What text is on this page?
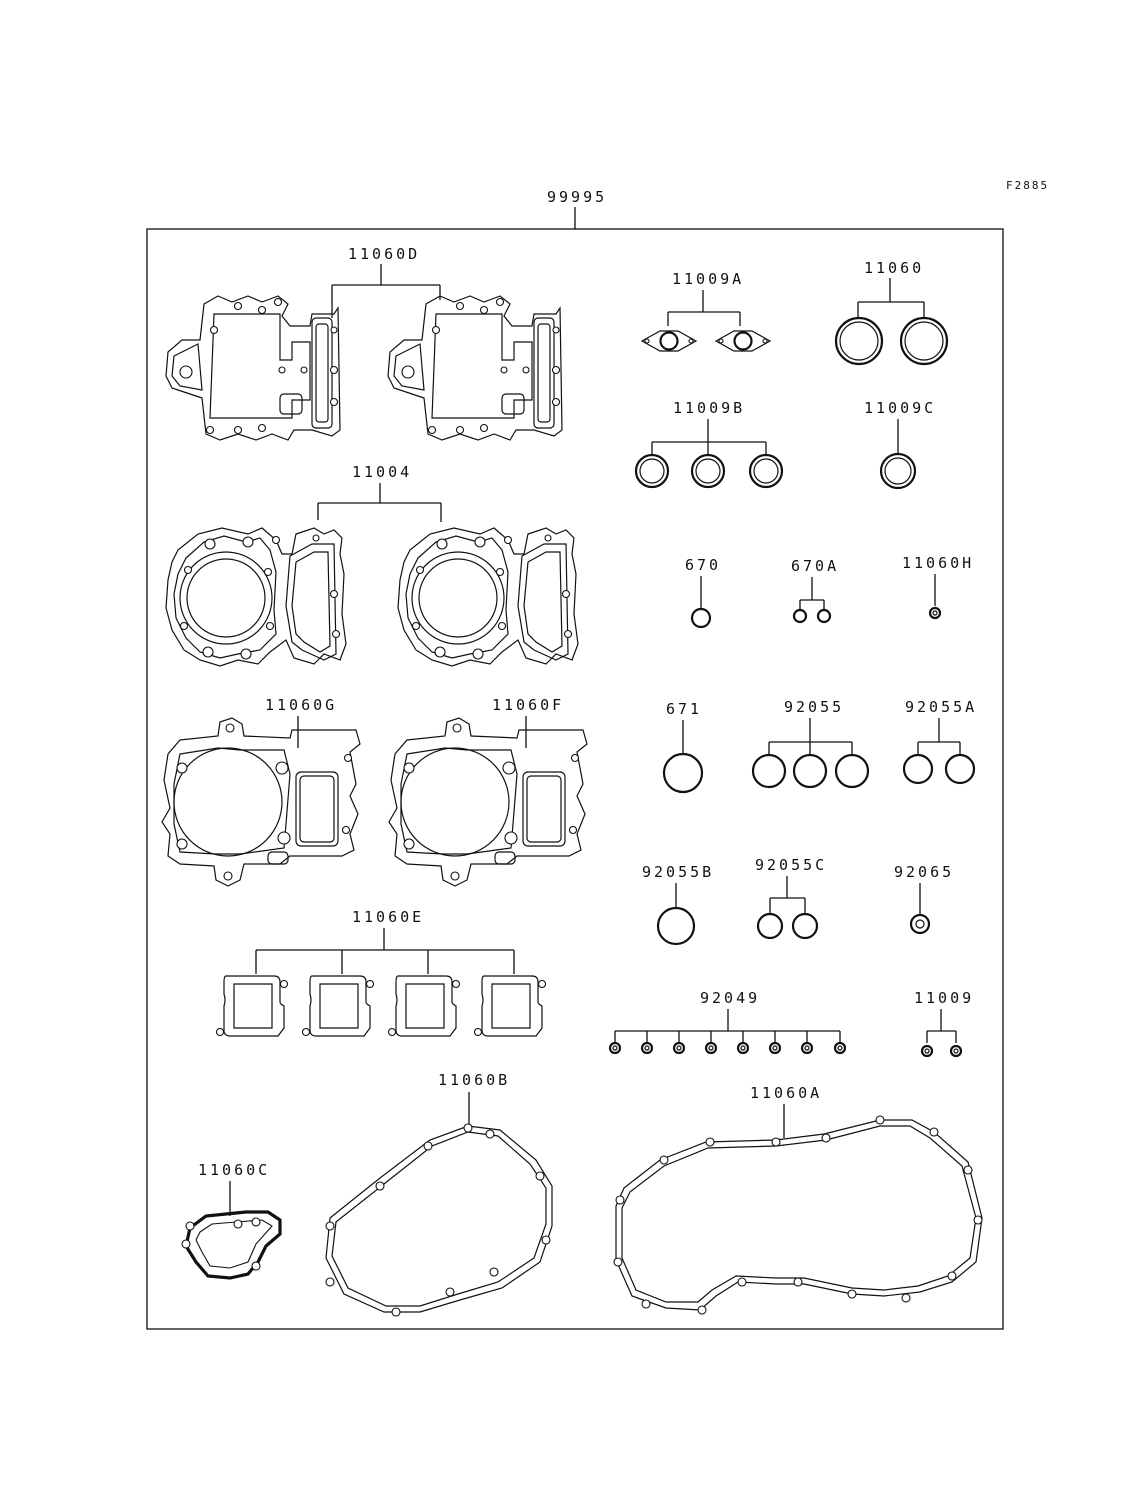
F2885
99995
11060D
11004
11060G	11060F
11060E
11060C
11060B
11009A
11060
11009B	11009C
670	670A	11060H
671	92055	92055A
92055B	92055C	92065
92049	11009
11060A
